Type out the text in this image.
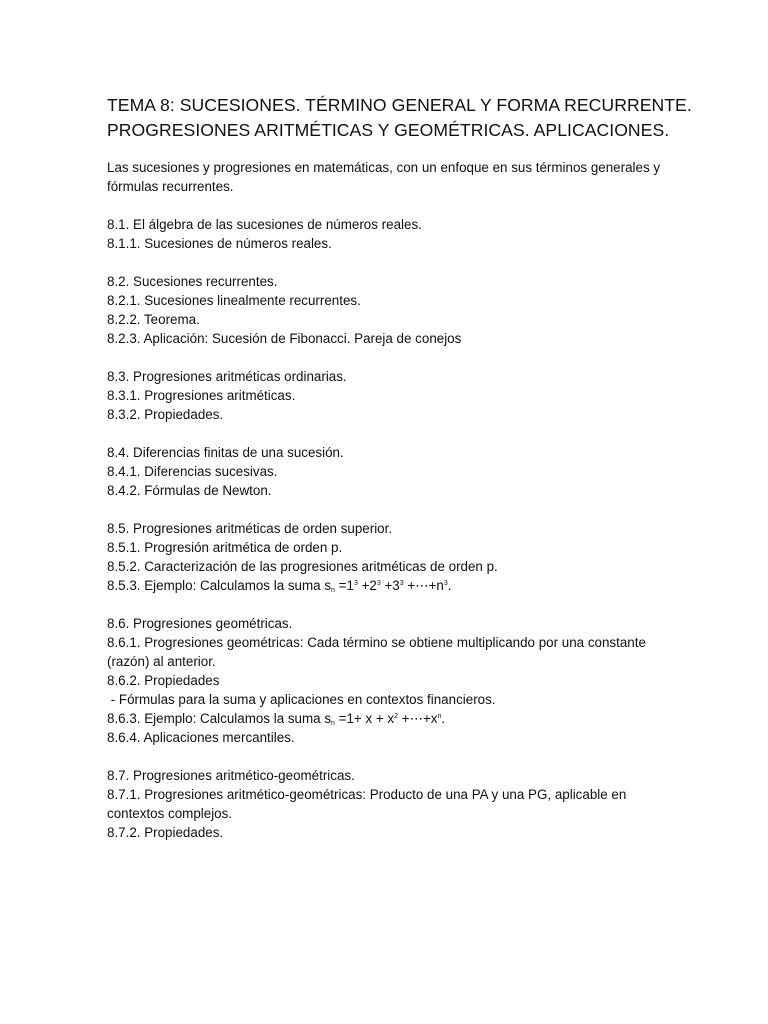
TEMA 8: SUCESIONES. TÉRMINO GENERAL Y FORMA RECURRENTE.
PROGRESIONES ARITMÉTICAS Y GEOMÉTRICAS. APLICACIONES.

Las sucesiones y progresiones en matemáticas, con un enfoque en sus términos generales y fórmulas recurrentes.

8.1. El álgebra de las sucesiones de números reales.
8.1.1. Sucesiones de números reales.
8.2. Sucesiones recurrentes.
8.2.1. Sucesiones linealmente recurrentes.
8.2.2. Teorema.
8.2.3. Aplicación: Sucesión de Fibonacci. Pareja de conejos
8.3. Progresiones aritméticas ordinarias.
8.3.1. Progresiones aritméticas.
8.3.2. Propiedades.
8.4. Diferencias finitas de una sucesión.
8.4.1. Diferencias sucesivas.
8.4.2. Fórmulas de Newton.
8.5. Progresiones aritméticas de orden superior.
8.5.1. Progresión aritmética de orden p.
8.5.2. Caracterización de las progresiones aritméticas de orden p.
8.5.3. Ejemplo: Calculamos la suma $s_n =1^3 +2^3 +3^3$ $+\cdots+n^3$.
8.6. Progresiones geométricas.
8.6.1. Progresiones geométricas: Cada término se obtiene multiplicando por una constante (razón) al anterior.
8.6.2. Propiedades
- Fórmulas para la suma y aplicaciones en contextos financieros.
8.6.3. Ejemplo: Calculamos la suma $s_n =1+ x + x^2$ $+\cdots+x^n$.
8.6.4. Aplicaciones mercantiles.
8.7. Progresiones aritmético-geométricas.
8.7.1. Progresiones aritmético-geométricas: Producto de una PA y una PG, aplicable en contextos complejos.
8.7.2. Propiedades.
